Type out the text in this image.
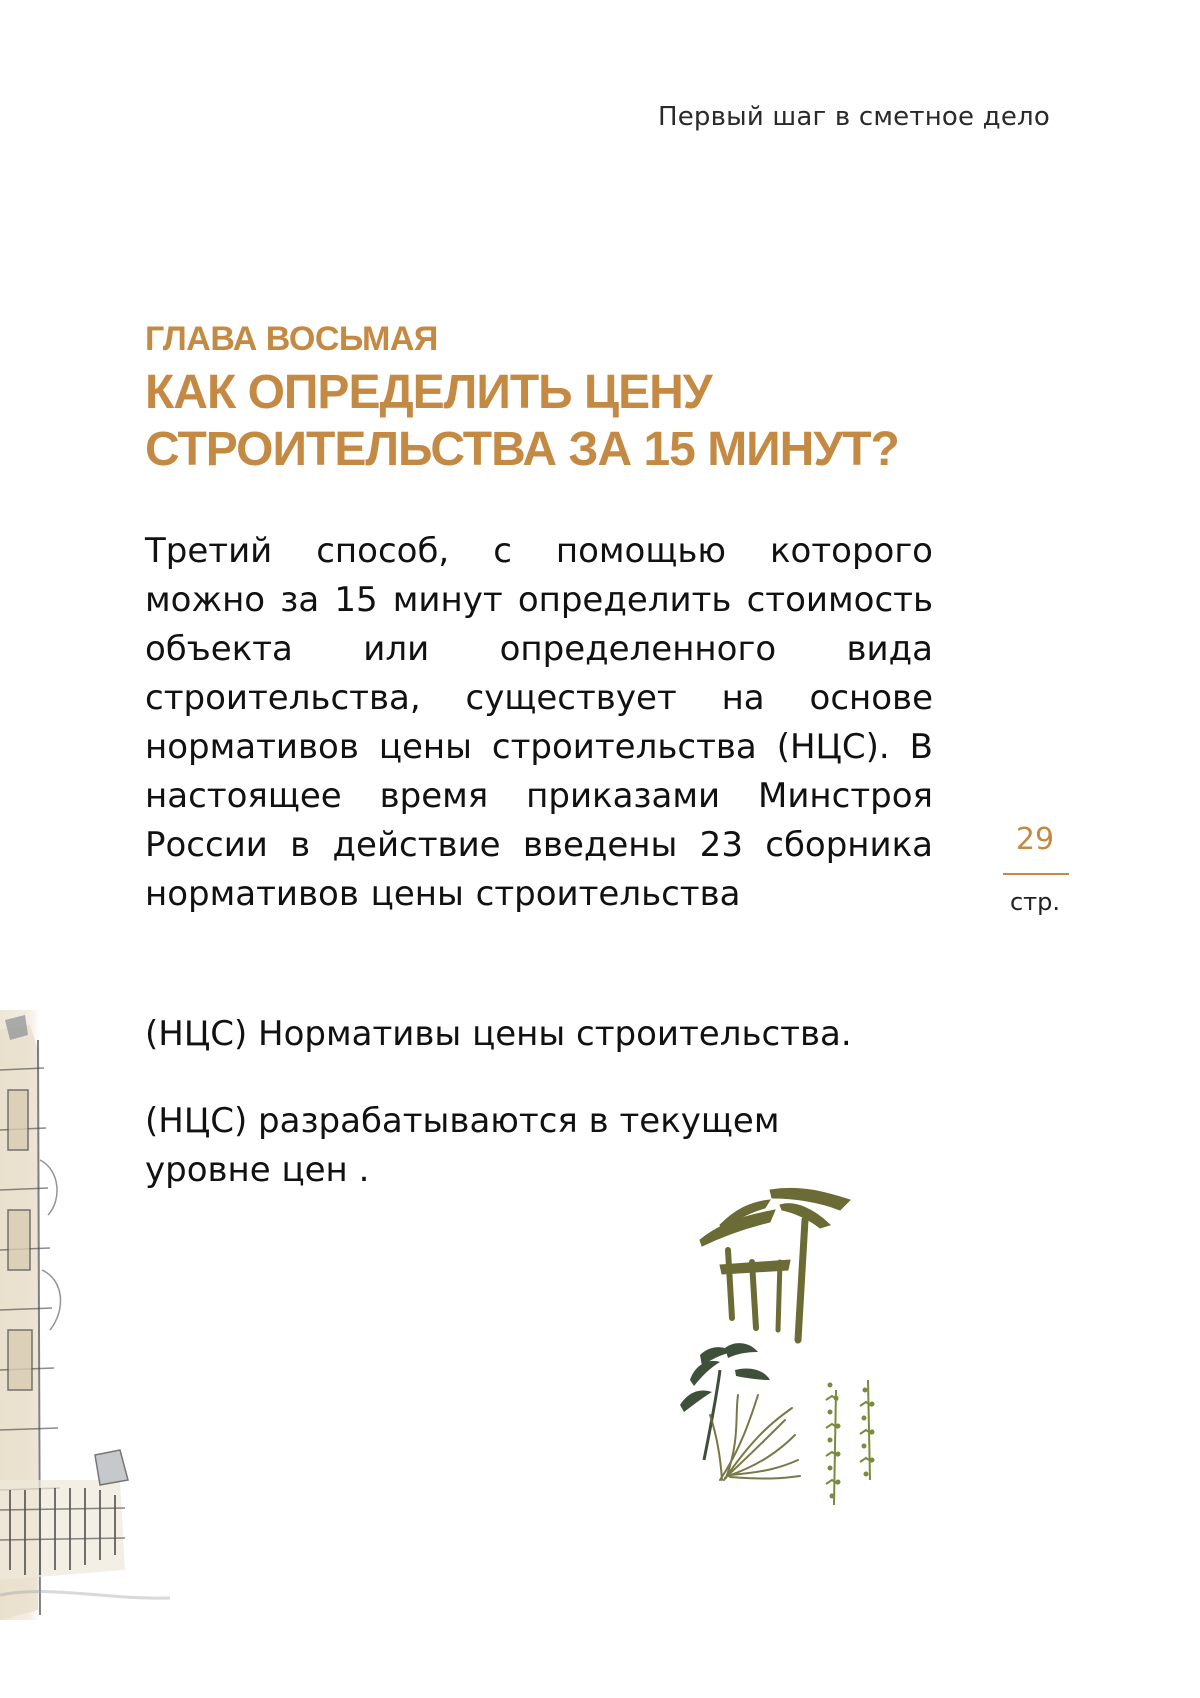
Первый шаг в сметное дело
ГЛАВА ВОСЬМАЯ
КАК ОПРЕДЕЛИТЬ ЦЕНУ
СТРОИТЕЛЬСТВА ЗА 15 МИНУТ?

Третий способ, с помощью которого можно за 15 минут определить стоимость объекта или определенного вида строительства, существует на основе нормативов цены строительства (НЦС). В настоящее время приказами Минстроя России в действие введены 23 сборника нормативов цены строительства

(НЦС) Нормативы цены строительства.

(НЦС) разрабатываются в текущем уровне цен .

29
стр.
